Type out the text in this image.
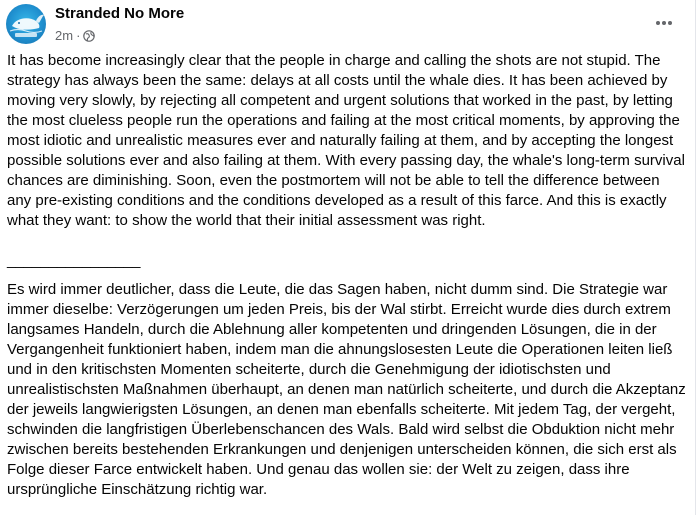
Stranded No More
2m ·

It has become increasingly clear that the people in charge and calling the shots are not stupid. The strategy has always been the same: delays at all costs until the whale dies. It has been achieved by moving very slowly, by rejecting all competent and urgent solutions that worked in the past, by letting the most clueless people run the operations and failing at the most critical moments, by approving the most idiotic and unrealistic measures ever and naturally failing at them, and by accepting the longest possible solutions ever and also failing at them. With every passing day, the whale's long-term survival chances are diminishing. Soon, even the postmortem will not be able to tell the difference between any pre-existing conditions and the conditions developed as a result of this farce. And this is exactly what they want: to show the world that their initial assessment was right.

________________

Es wird immer deutlicher, dass die Leute, die das Sagen haben, nicht dumm sind. Die Strategie war immer dieselbe: Verzögerungen um jeden Preis, bis der Wal stirbt. Erreicht wurde dies durch extrem langsames Handeln, durch die Ablehnung aller kompetenten und dringenden Lösungen, die in der Vergangenheit funktioniert haben, indem man die ahnungslosesten Leute die Operationen leiten ließ und in den kritischsten Momenten scheiterte, durch die Genehmigung der idiotischsten und unrealistischsten Maßnahmen überhaupt, an denen man natürlich scheiterte, und durch die Akzeptanz der jeweils langwierigsten Lösungen, an denen man ebenfalls scheiterte. Mit jedem Tag, der vergeht, schwinden die langfristigen Überlebenschancen des Wals. Bald wird selbst die Obduktion nicht mehr zwischen bereits bestehenden Erkrankungen und denjenigen unterscheiden können, die sich erst als Folge dieser Farce entwickelt haben. Und genau das wollen sie: der Welt zu zeigen, dass ihre ursprüngliche Einschätzung richtig war.
